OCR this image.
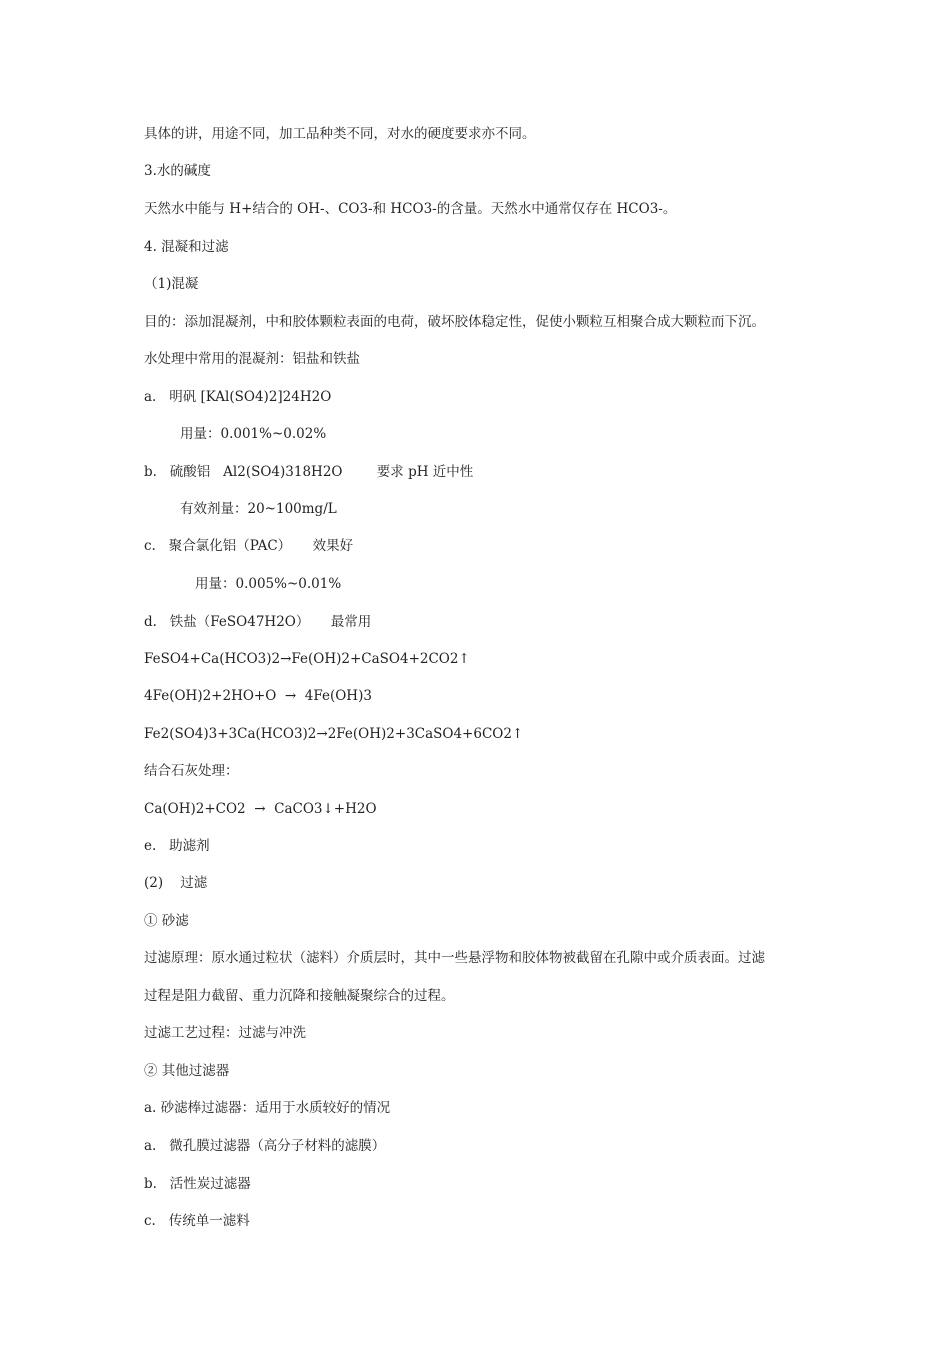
具体的讲，用途不同，加工品种类不同，对水的硬度要求亦不同。
3.水的碱度
天然水中能与 H+结合的 OH-、CO3-和 HCO3-的含量。天然水中通常仅存在 HCO3-。
4. 混凝和过滤
（1)混凝
目的：添加混凝剂，中和胶体颗粒表面的电荷，破坏胶体稳定性，促使小颗粒互相聚合成大颗粒而下沉。
水处理中常用的混凝剂：铝盐和铁盐
a.   明矾 [KAl(SO4)2]24H2O
用量：0.001%~0.02%
b.   硫酸铝   Al2(SO4)318H2O        要求 pH 近中性
有效剂量：20~100mg/L
c.   聚合氯化铝（PAC）     效果好
用量：0.005%~0.01%
d.   铁盐（FeSO47H2O）     最常用
FeSO4+Ca(HCO3)2→Fe(OH)2+CaSO4+2CO2↑
4Fe(OH)2+2HO+O  →  4Fe(OH)3
Fe2(SO4)3+3Ca(HCO3)2→2Fe(OH)2+3CaSO4+6CO2↑
结合石灰处理：
Ca(OH)2+CO2  →  CaCO3↓+H2O
e.   助滤剂
(2)    过滤
① 砂滤
过滤原理：原水通过粒状（滤料）介质层时，其中一些悬浮物和胶体物被截留在孔隙中或介质表面。过滤
过程是阻力截留、重力沉降和接触凝聚综合的过程。
过滤工艺过程：过滤与冲洗
② 其他过滤器
a. 砂滤棒过滤器：适用于水质较好的情况
a.   微孔膜过滤器（高分子材料的滤膜）
b.   活性炭过滤器
c.   传统单一滤料
